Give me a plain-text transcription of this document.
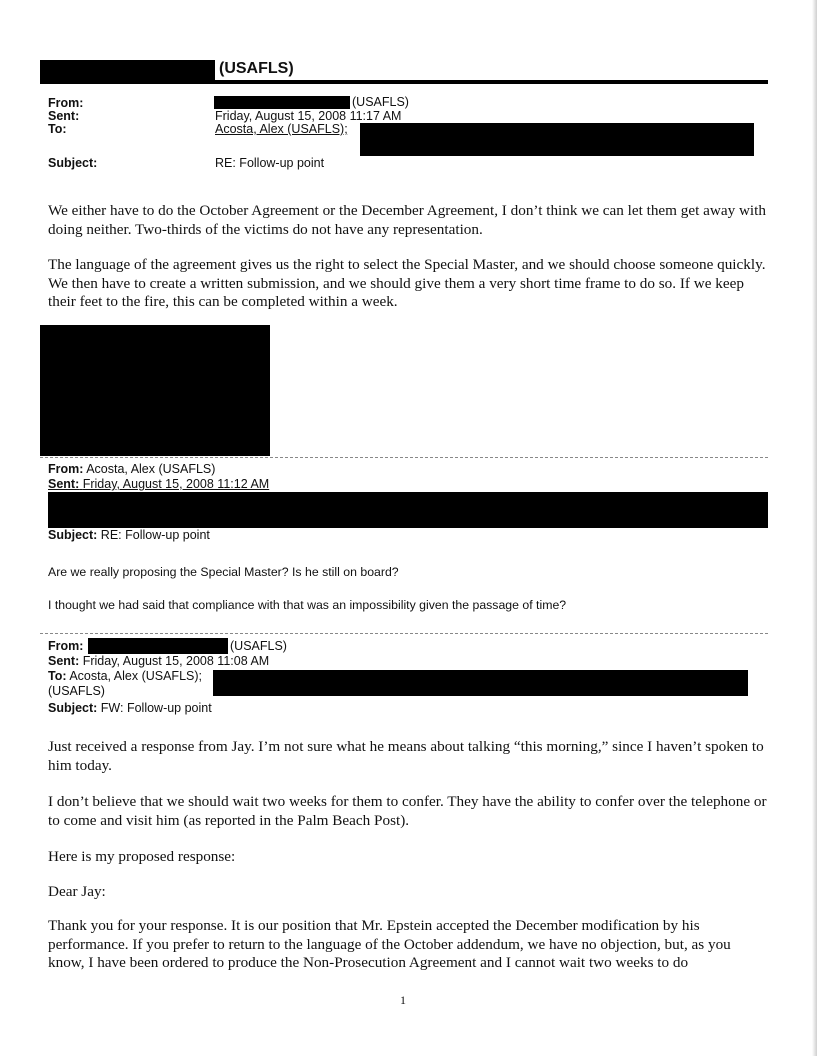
(USAFLS)
From:	(USAFLS)
Sent:	Friday, August 15, 2008 11:17 AM
To:	Acosta, Alex (USAFLS);
Subject:	RE: Follow-up point
We either have to do the October Agreement or the December Agreement, I don’t think we can let them get away with doing neither. Two-thirds of the victims do not have any representation.
The language of the agreement gives us the right to select the Special Master, and we should choose someone quickly. We then have to create a written submission, and we should give them a very short time frame to do so. If we keep their feet to the fire, this can be completed within a week.
From: Acosta, Alex (USAFLS)
Sent: Friday, August 15, 2008 11:12 AM
Subject: RE: Follow-up point
Are we really proposing the Special Master? Is he still on board?
I thought we had said that compliance with that was an impossibility given the passage of time?
From:	(USAFLS)
Sent: Friday, August 15, 2008 11:08 AM
To: Acosta, Alex (USAFLS);
(USAFLS)
Subject: FW: Follow-up point
Just received a response from Jay. I’m not sure what he means about talking “this morning,” since I haven’t spoken to him today.
I don’t believe that we should wait two weeks for them to confer. They have the ability to confer over the telephone or to come and visit him (as reported in the Palm Beach Post).
Here is my proposed response:
Dear Jay:
Thank you for your response. It is our position that Mr. Epstein accepted the December modification by his performance. If you prefer to return to the language of the October addendum, we have no objection, but, as you know, I have been ordered to produce the Non-Prosecution Agreement and I cannot wait two weeks to do
1
